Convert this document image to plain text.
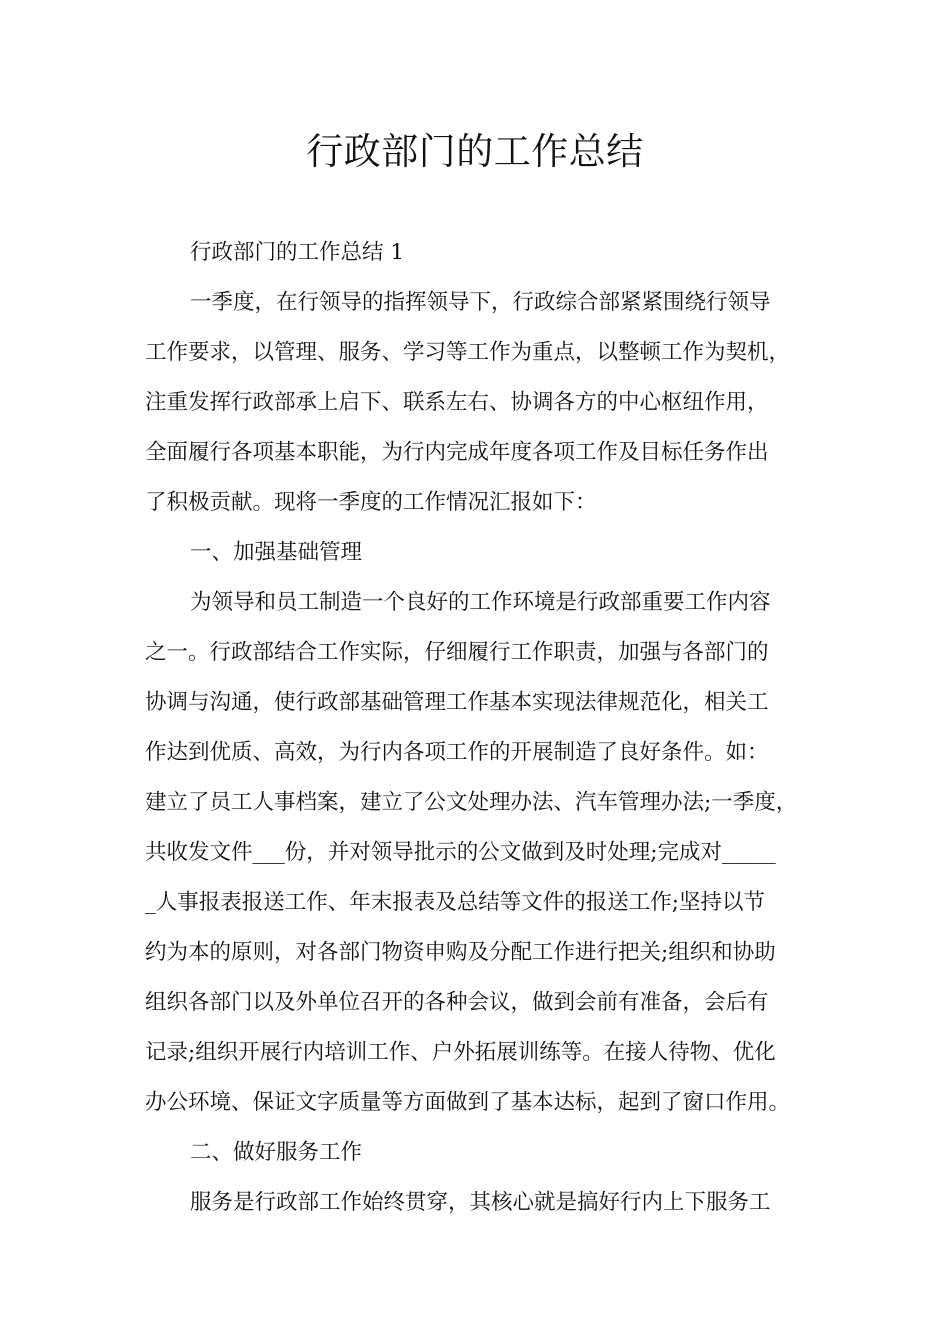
行政部门的工作总结
行政部门的工作总结 1
一季度，在行领导的指挥领导下，行政综合部紧紧围绕行领导
工作要求，以管理、服务、学习等工作为重点，以整顿工作为契机，
注重发挥行政部承上启下、联系左右、协调各方的中心枢纽作用，
全面履行各项基本职能，为行内完成年度各项工作及目标任务作出
了积极贡献。现将一季度的工作情况汇报如下：
一、加强基础管理
为领导和员工制造一个良好的工作环境是行政部重要工作内容
之一。行政部结合工作实际，仔细履行工作职责，加强与各部门的
协调与沟通，使行政部基础管理工作基本实现法律规范化，相关工
作达到优质、高效，为行内各项工作的开展制造了良好条件。如：
建立了员工人事档案，建立了公文处理办法、汽车管理办法;一季度，
共收发文件___份，并对领导批示的公文做到及时处理;完成对_____
_人事报表报送工作、年末报表及总结等文件的报送工作;坚持以节
约为本的原则，对各部门物资申购及分配工作进行把关;组织和协助
组织各部门以及外单位召开的各种会议，做到会前有准备，会后有
记录;组织开展行内培训工作、户外拓展训练等。在接人待物、优化
办公环境、保证文字质量等方面做到了基本达标，起到了窗口作用。
二、做好服务工作
服务是行政部工作始终贯穿，其核心就是搞好行内上下服务工
